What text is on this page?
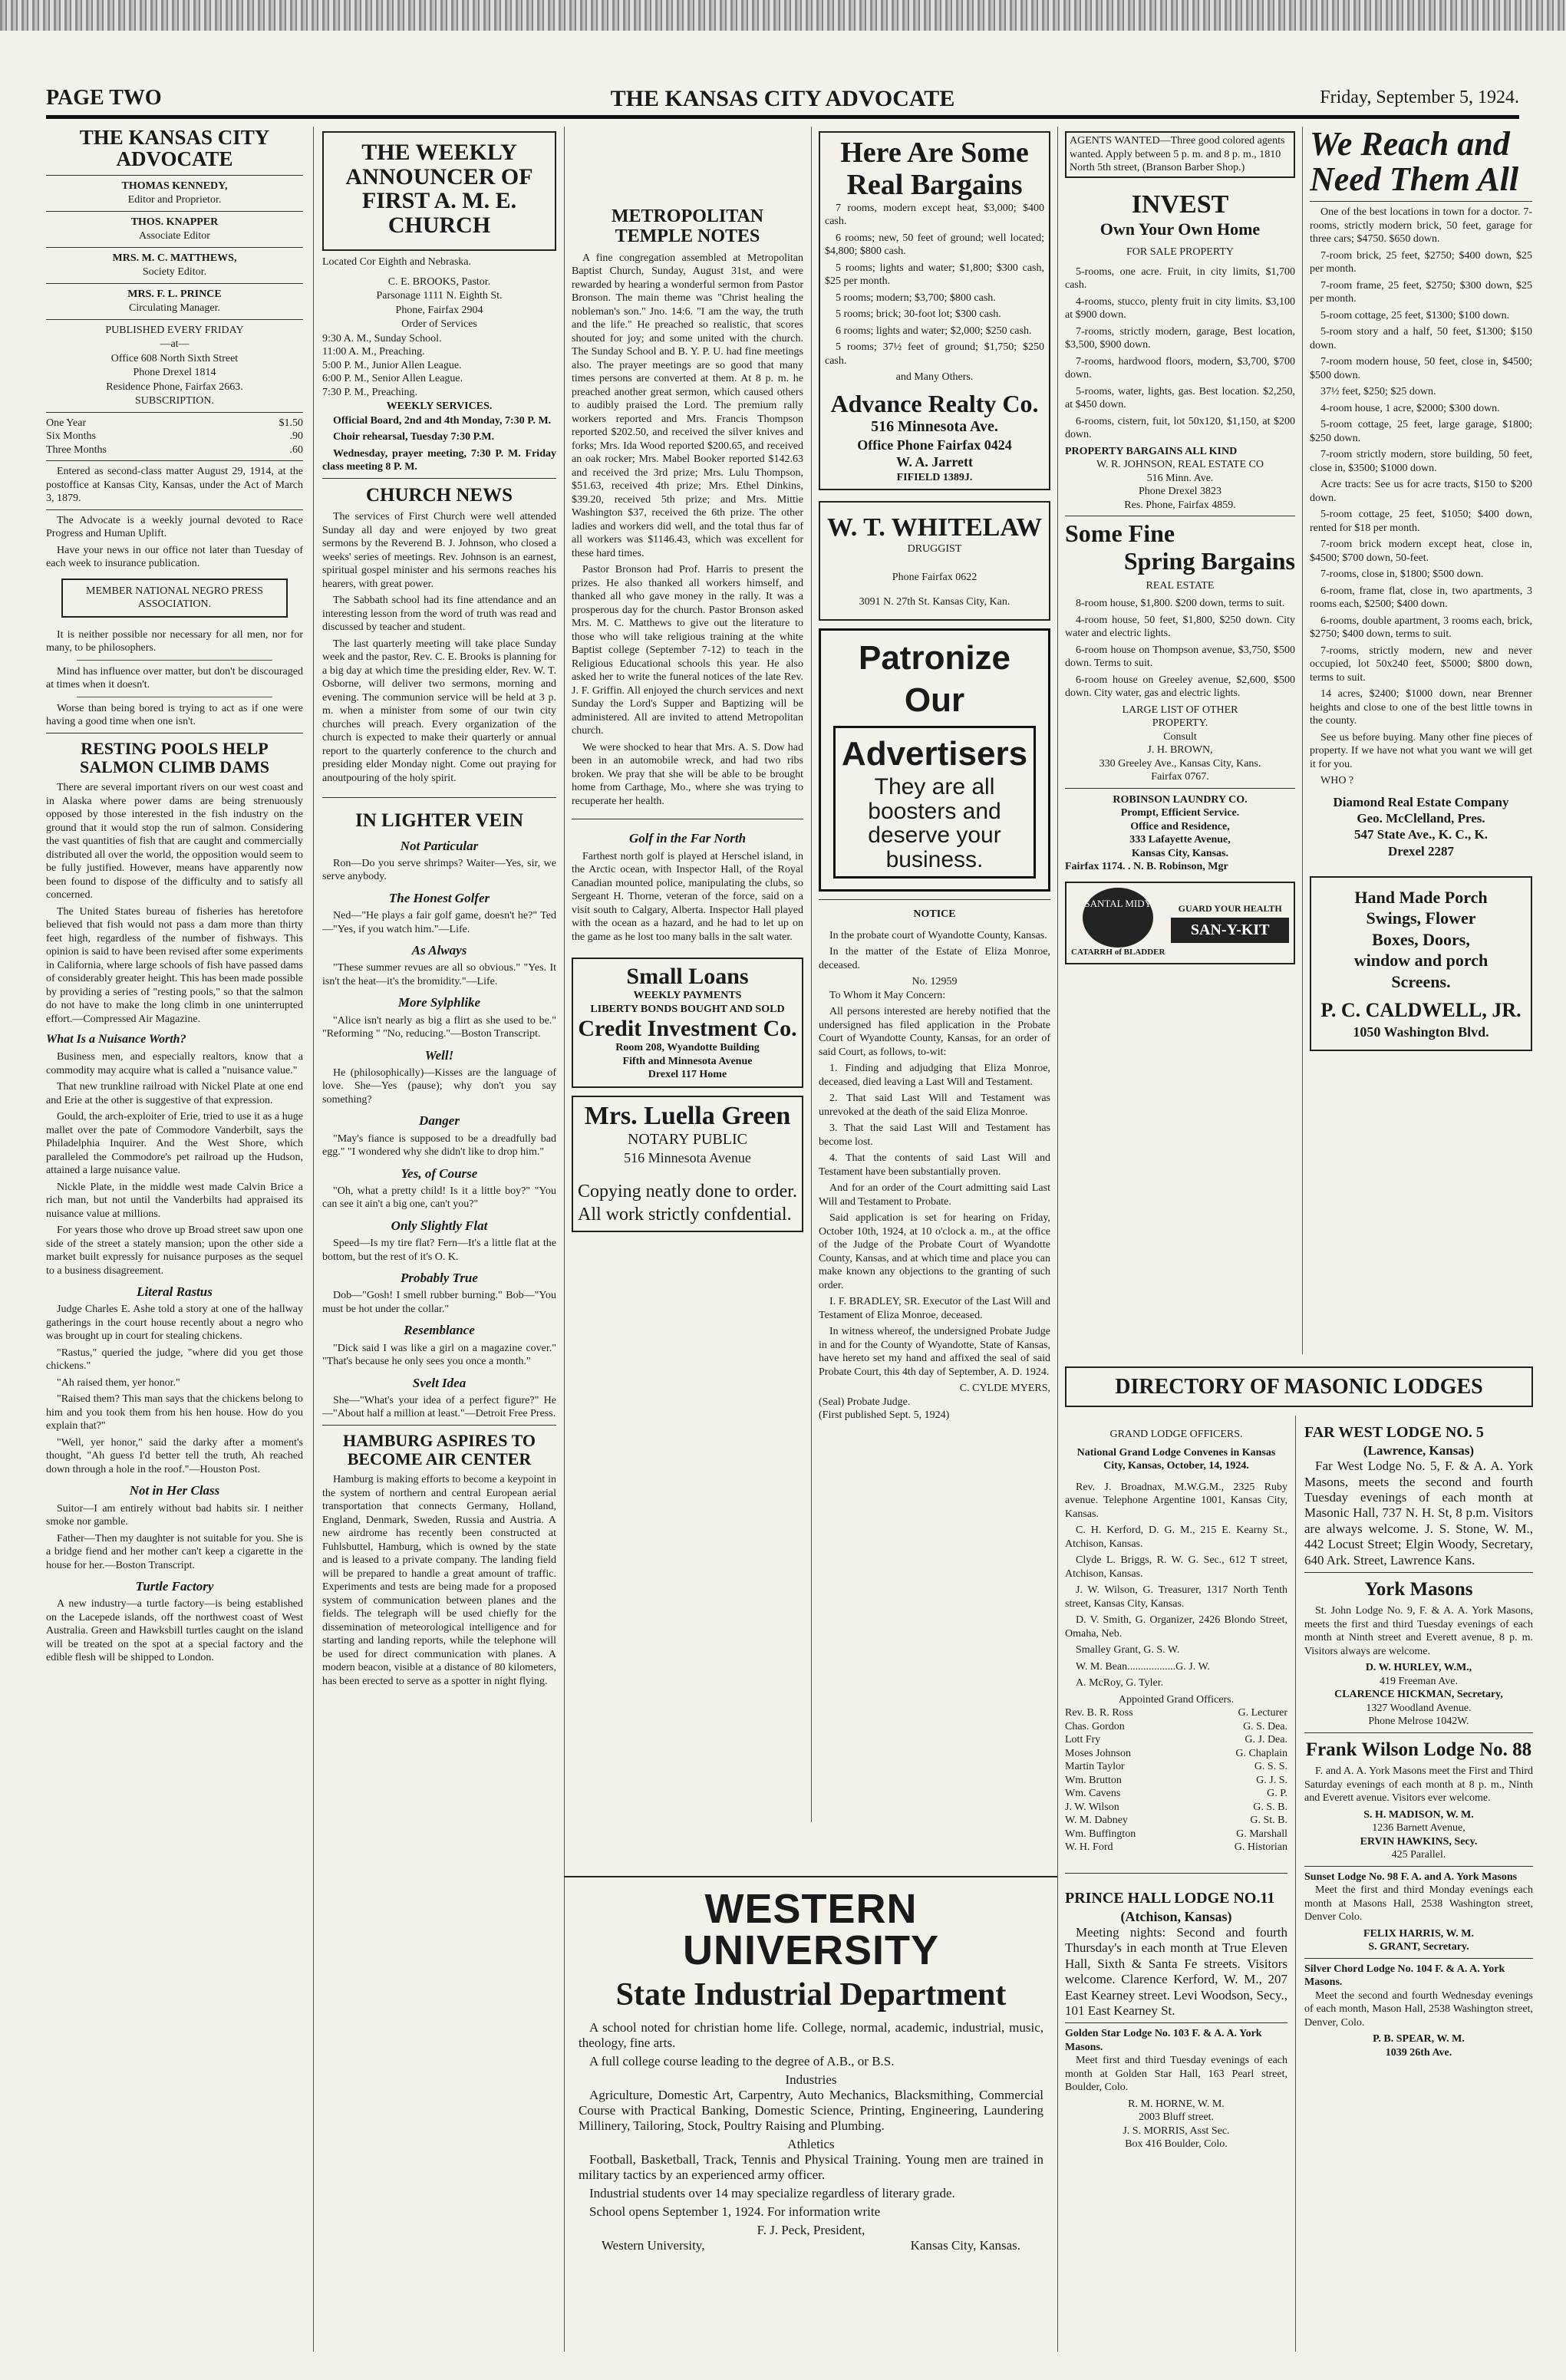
PAGE TWO	THE KANSAS CITY ADVOCATE	Friday, September 5, 1924.
THE KANSAS CITY ADVOCATE
THOMAS KENNEDY,
Editor and Proprietor.
THOS. KNAPPER
Associate Editor
MRS. M. C. MATTHEWS,
Society Editor.
MRS. F. L. PRINCE
Circulating Manager.
PUBLISHED EVERY FRIDAY
—at—
Office 608 North Sixth Street
Phone Drexel 1814
Residence Phone, Fairfax 2663.
SUBSCRIPTION.
One Year	$1.50
Six Months	.90
Three Months	.60

Entered as second-class matter August 29, 1914, at the postoffice at Kansas City, Kansas, under the Act of March 3, 1879.

The Advocate is a weekly journal devoted to Race Progress and Human Uplift.

Have your news in our office not later than Tuesday of each week to insurance publication.

MEMBER NATIONAL NEGRO PRESS ASSOCIATION.

It is neither possible nor necessary for all men, nor for many, to be philosophers.

Mind has influence over matter, but don't be discouraged at times when it doesn't.

Worse than being bored is trying to act as if one were having a good time when one isn't.

RESTING POOLS HELP SALMON CLIMB DAMS

There are several important rivers on our west coast and in Alaska where power dams are being strenuously opposed by those interested in the fish industry on the ground that it would stop the run of salmon. Considering the vast quantities of fish that are caught and commercially distributed all over the world, the opposition would seem to be fully justified. However, means have apparently now been found to dispose of the difficulty and to satisfy all concerned.

The United States bureau of fisheries has heretofore believed that fish would not pass a dam more than thirty feet high, regardless of the number of fishways. This opinion is said to have been revised after some experiments in California, where large schools of fish have passed dams of considerably greater height. This has been made possible by providing a series of "resting pools," so that the salmon do not have to make the long climb in one uninterrupted effort.—Compressed Air Magazine.

What Is a Nuisance Worth?

Business men, and especially realtors, know that a commodity may acquire what is called a "nuisance value."

That new trunkline railroad with Nickel Plate at one end and Erie at the other is suggestive of that expression.

Gould, the arch-exploiter of Erie, tried to use it as a huge mallet over the pate of Commodore Vanderbilt, says the Philadelphia Inquirer. And the West Shore, which paralleled the Commodore's pet railroad up the Hudson, attained a large nuisance value.

Nickle Plate, in the middle west made Calvin Brice a rich man, but not until the Vanderbilts had appraised its nuisance value at millions.

For years those who drove up Broad street saw upon one side of the street a stately mansion; upon the other side a market built expressly for nuisance purposes as the sequel to a business disagreement.

Literal Rastus

Judge Charles E. Ashe told a story at one of the hallway gatherings in the court house recently about a negro who was brought up in court for stealing chickens.

"Rastus," queried the judge, "where did you get those chickens."

"Ah raised them, yer honor."

"Raised them? This man says that the chickens belong to him and you took them from his hen house. How do you explain that?"

"Well, yer honor," said the darky after a moment's thought, "Ah guess I'd better tell the truth, Ah reached down through a hole in the roof."—Houston Post.

Not in Her Class

Suitor—I am entirely without bad habits sir. I neither smoke nor gamble.

Father—Then my daughter is not suitable for you. She is a bridge fiend and her mother can't keep a cigarette in the house for her.—Boston Transcript.

Turtle Factory

A new industry—a turtle factory—is being established on the Lacepede islands, off the northwest coast of West Australia. Green and Hawksbill turtles caught on the island will be treated on the spot at a special factory and the edible flesh will be shipped to London.

THE WEEKLY ANNOUNCER OF FIRST A. M. E. CHURCH
Located Cor Eighth and Nebraska.
C. E. BROOKS, Pastor.
Parsonage 1111 N. Eighth St.
Phone, Fairfax 2904
Order of Services
9:30 A. M., Sunday School.
11:00 A. M., Preaching.
5:00 P. M., Junior Allen League.
6:00 P. M., Senior Allen League.
7:30 P. M., Preaching.
WEEKLY SERVICES.

Official Board, 2nd and 4th Monday, 7:30 P. M.

Choir rehearsal, Tuesday 7:30 P.M.

Wednesday, prayer meeting, 7:30 P. M. Friday class meeting 8 P. M.

CHURCH NEWS

The services of First Church were well attended Sunday all day and were enjoyed by two great sermons by the Reverend B. J. Johnson, who closed a weeks' series of meetings. Rev. Johnson is an earnest, spiritual gospel minister and his sermons reaches his hearers, with great power.

The Sabbath school had its fine attendance and an interesting lesson from the word of truth was read and discussed by teacher and student.

The last quarterly meeting will take place Sunday week and the pastor, Rev. C. E. Brooks is planning for a big day at which time the presiding elder, Rev. W. T. Osborne, will deliver two sermons, morning and evening. The communion service will be held at 3 p. m. when a minister from some of our twin city churches will preach. Every organization of the church is expected to make their quarterly or annual report to the quarterly conference to the church and presiding elder Monday night. Come out praying for anoutpouring of the holy spirit.

IN LIGHTER VEIN
Not Particular

Ron—Do you serve shrimps? Waiter—Yes, sir, we serve anybody.

The Honest Golfer

Ned—"He plays a fair golf game, doesn't he?" Ted—"Yes, if you watch him."—Life.

As Always

"These summer revues are all so obvious." "Yes. It isn't the heat—it's the bromidity."—Life.

More Sylphlike

"Alice isn't nearly as big a flirt as she used to be." "Reforming " "No, reducing."—Boston Transcript.

Well!

He (philosophically)—Kisses are the language of love. She—Yes (pause); why don't you say something?

Danger

"May's fiance is supposed to be a dreadfully bad egg." "I wondered why she didn't like to drop him."

Yes, of Course

"Oh, what a pretty child! Is it a little boy?" "You can see it ain't a big one, can't you?"

Only Slightly Flat

Speed—Is my tire flat? Fern—It's a little flat at the bottom, but the rest of it's O. K.

Probably True

Dob—"Gosh! I smell rubber burning." Bob—"You must be hot under the collar."

Resemblance

"Dick said I was like a girl on a magazine cover." "That's because he only sees you once a month."

Svelt Idea

She—"What's your idea of a perfect figure?" He—"About half a million at least."—Detroit Free Press.

HAMBURG ASPIRES TO BECOME AIR CENTER

Hamburg is making efforts to become a keypoint in the system of northern and central European aerial transportation that connects Germany, Holland, England, Denmark, Sweden, Russia and Austria. A new airdrome has recently been constructed at Fuhlsbuttel, Hamburg, which is owned by the state and is leased to a private company. The landing field will be prepared to handle a great amount of traffic. Experiments and tests are being made for a proposed system of communication between planes and the fields. The telegraph will be used chiefly for the dissemination of meteorological intelligence and for starting and landing reports, while the telephone will be used for direct communication with planes. A modern beacon, visible at a distance of 80 kilometers, has been erected to serve as a spotter in night flying.

METROPOLITAN TEMPLE NOTES

A fine congregation assembled at Metropolitan Baptist Church, Sunday, August 31st, and were rewarded by hearing a wonderful sermon from Pastor Bronson. The main theme was "Christ healing the nobleman's son." Jno. 14:6. "I am the way, the truth and the life." He preached so realistic, that scores shouted for joy; and some united with the church. The Sunday School and B. Y. P. U. had fine meetings also. The prayer meetings are so good that many times persons are converted at them. At 8 p. m. he preached another great sermon, which caused others to audibly praised the Lord. The premium rally workers reported and Mrs. Francis Thompson reported $202.50, and received the silver knives and forks; Mrs. Ida Wood reported $200.65, and received an oak rocker; Mrs. Mabel Booker reported $142.63 and received the 3rd prize; Mrs. Lulu Thompson, $51.63, received 4th prize; Mrs. Ethel Dinkins, $39.20, received 5th prize; and Mrs. Mittie Washington $37, received the 6th prize. The other ladies and workers did well, and the total thus far of all workers was $1146.43, which was excellent for these hard times.

Pastor Bronson had Prof. Harris to present the prizes. He also thanked all workers himself, and thanked all who gave money in the rally. It was a prosperous day for the church. Pastor Bronson asked Mrs. M. C. Matthews to give out the literature to those who will take religious training at the white Baptist college (September 7-12) to teach in the Religious Educational schools this year. He also asked her to write the funeral notices of the late Rev. J. F. Griffin. All enjoyed the church services and next Sunday the Lord's Supper and Baptizing will be administered. All are invited to attend Metropolitan church.

We were shocked to hear that Mrs. A. S. Dow had been in an automobile wreck, and had two ribs broken. We pray that she will be able to be brought home from Carthage, Mo., where she was trying to recuperate her health.

Golf in the Far North

Farthest north golf is played at Herschel island, in the Arctic ocean, with Inspector Hall, of the Royal Canadian mounted police, manipulating the clubs, so Sergeant H. Thorne, veteran of the force, said on a visit south to Calgary, Alberta. Inspector Hall played with the ocean as a hazard, and he had to let up on the game as he lost too many balls in the salt water.

Small Loans
WEEKLY PAYMENTS
LIBERTY BONDS BOUGHT AND SOLD
Credit Investment Co.
Room 208, Wyandotte Building
Fifth and Minnesota Avenue
Drexel 117 Home
Mrs. Luella Green
NOTARY PUBLIC
516 Minnesota Avenue
Copying neatly done to order. All work strictly confdential.
Here Are Some Real Bargains

7 rooms, modern except heat, $3,000; $400 cash.

6 rooms; new, 50 feet of ground; well located; $4,800; $800 cash.

5 rooms; lights and water; $1,800; $300 cash, $25 per month.

5 rooms; modern; $3,700; $800 cash.

5 rooms; brick; 30-foot lot; $300 cash.

6 rooms; lights and water; $2,000; $250 cash.

5 rooms; 37½ feet of ground; $1,750; $250 cash.

and Many Others.
Advance Realty Co.
516 Minnesota Ave.
Office Phone Fairfax 0424
W. A. Jarrett
FIFIELD 1389J.
W. T. WHITELAW
DRUGGIST
Phone Fairfax 0622
3091 N. 27th St. Kansas City, Kan.
Patronize Our
Advertisers
They are all boosters and deserve your business.
NOTICE

In the probate court of Wyandotte County, Kansas.

In the matter of the Estate of Eliza Monroe, deceased.

No. 12959

To Whom it May Concern:

All persons interested are hereby notified that the undersigned has filed application in the Probate Court of Wyandotte County, Kansas, for an order of said Court, as follows, to-wit:

1. Finding and adjudging that Eliza Monroe, deceased, died leaving a Last Will and Testament.

2. That said Last Will and Testament was unrevoked at the death of the said Eliza Monroe.

3. That the said Last Will and Testament has become lost.

4. That the contents of said Last Will and Testament have been substantially proven.

And for an order of the Court admitting said Last Will and Testament to Probate.

Said application is set for hearing on Friday, October 10th, 1924, at 10 o'clock a. m., at the office of the Judge of the Probate Court of Wyandotte County, Kansas, and at which time and place you can make known any objections to the granting of such order.

I. F. BRADLEY, SR. Executor of the Last Will and Testament of Eliza Monroe, deceased.

In witness whereof, the undersigned Probate Judge in and for the County of Wyandotte, State of Kansas, have hereto set my hand and affixed the seal of said Probate Court, this 4th day of September, A. D. 1924.

C. CYLDE MYERS,
(Seal) Probate Judge.
(First published Sept. 5, 1924)
AGENTS WANTED—Three good colored agents wanted. Apply between 5 p. m. and 8 p. m., 1810 North 5th street, (Branson Barber Shop.)
INVEST
Own Your Own Home
FOR SALE PROPERTY

5-rooms, one acre. Fruit, in city limits, $1,700 cash.

4-rooms, stucco, plenty fruit in city limits. $3,100 at $900 down.

7-rooms, strictly modern, garage, Best location, $3,500, $900 down.

7-rooms, hardwood floors, modern, $3,700, $700 down.

5-rooms, water, lights, gas. Best location. $2,250, at $450 down.

6-rooms, cistern, fuit, lot 50x120, $1,150, at $200 down.

PROPERTY BARGAINS ALL KIND
W. R. JOHNSON, REAL ESTATE CO
516 Minn. Ave.
Phone Drexel 3823
Res. Phone, Fairfax 4859.
Some Fine
Spring Bargains
REAL ESTATE

8-room house, $1,800. $200 down, terms to suit.

4-room house, 50 feet, $1,800, $250 down. City water and electric lights.

6-room house on Thompson avenue, $3,750, $500 down. Terms to suit.

6-room house on Greeley avenue, $2,600, $500 down. City water, gas and electric lights.

LARGE LIST OF OTHER
PROPERTY.
Consult
J. H. BROWN,
330 Greeley Ave., Kansas City, Kans.
Fairfax 0767.
ROBINSON LAUNDRY CO.
Prompt, Efficient Service.
Office and Residence,
333 Lafayette Avenue,
Kansas City, Kansas.
Fairfax 1174. . N. B. Robinson, Mgr
SANTAL MIDY
CATARRH of BLADDER
GUARD YOUR HEALTH
SAN-Y-KIT
We Reach and Need Them All

One of the best locations in town for a doctor. 7-rooms, strictly modern brick, 50 feet, garage for three cars; $4750. $650 down.

7-room brick, 25 feet, $2750; $400 down, $25 per month.

7-room frame, 25 feet, $2750; $300 down, $25 per month.

5-room cottage, 25 feet, $1300; $100 down.

5-room story and a half, 50 feet, $1300; $150 down.

7-room modern house, 50 feet, close in, $4500; $500 down.

37½ feet, $250; $25 down.

4-room house, 1 acre, $2000; $300 down.

5-room cottage, 25 feet, large garage, $1800; $250 down.

7-room strictly modern, store building, 50 feet, close in, $3500; $1000 down.

Acre tracts: See us for acre tracts, $150 to $200 down.

5-room cottage, 25 feet, $1050; $400 down, rented for $18 per month.

7-room brick modern except heat, close in, $4500; $700 down, 50-feet.

7-rooms, close in, $1800; $500 down.

6-room, frame flat, close in, two apartments, 3 rooms each, $2500; $400 down.

6-rooms, double apartment, 3 rooms each, brick, $2750; $400 down, terms to suit.

7-rooms, strictly modern, new and never occupied, lot 50x240 feet, $5000; $800 down, terms to suit.

14 acres, $2400; $1000 down, near Brenner heights and close to one of the best little towns in the county.

See us before buying. Many other fine pieces of property. If we have not what you want we will get it for you.

WHO ?

Diamond Real Estate Company
Geo. McClelland, Pres.
547 State Ave., K. C., K.
Drexel 2287
Hand Made Porch
Swings, Flower
Boxes, Doors,
window and porch
Screens.
P. C. CALDWELL, JR.
1050 Washington Blvd.
DIRECTORY OF MASONIC LODGES
GRAND LODGE OFFICERS.
National Grand Lodge Convenes in Kansas City, Kansas, October, 14, 1924.

Rev. J. Broadnax, M.W.G.M., 2325 Ruby avenue. Telephone Argentine 1001, Kansas City, Kansas.

C. H. Kerford, D. G. M., 215 E. Kearny St., Atchison, Kansas.

Clyde L. Briggs, R. W. G. Sec., 612 T street, Atchison, Kansas.

J. W. Wilson, G. Treasurer, 1317 North Tenth street, Kansas City, Kansas.

D. V. Smith, G. Organizer, 2426 Blondo Street, Omaha, Neb.

Smalley Grant, G. S. W.

W. M. Bean..................G. J. W.

A. McRoy, G. Tyler.

Appointed Grand Officers.
Rev. B. R. Ross	G. Lecturer
Chas. Gordon	G. S. Dea.
Lott Fry	G. J. Dea.
Moses Johnson	G. Chaplain
Martin Taylor	G. S. S.
Wm. Brutton	G. J. S.
Wm. Cavens	G. P.
J. W. Wilson	G. S. B.
W. M. Dabney	G. St. B.
Wm. Buffington	G. Marshall
W. H. Ford	G. Historian
PRINCE HALL LODGE NO.11
(Atchison, Kansas)

Meeting nights: Second and fourth Thursday's in each month at True Eleven Hall, Sixth & Santa Fe streets. Visitors welcome. Clarence Kerford, W. M., 207 East Kearney street. Levi Woodson, Secy., 101 East Kearney St.

Golden Star Lodge No. 103 F. & A. A. York Masons.

Meet first and third Tuesday evenings of each month at Golden Star Hall, 163 Pearl street, Boulder, Colo.

R. M. HORNE, W. M.
2003 Bluff street.
J. S. MORRIS, Asst Sec.
Box 416 Boulder, Colo.
FAR WEST LODGE NO. 5
(Lawrence, Kansas)

Far West Lodge No. 5, F. & A. A. York Masons, meets the second and fourth Tuesday evenings of each month at Masonic Hall, 737 N. H. St, 8 p.m. Visitors are always welcome. J. S. Stone, W. M., 442 Locust Street; Elgin Woody, Secretary, 640 Ark. Street, Lawrence Kans.

York Masons

St. John Lodge No. 9, F. & A. A. York Masons, meets the first and third Tuesday evenings of each month at Ninth street and Everett avenue, 8 p. m. Visitors always are welcome.

D. W. HURLEY, W.M.,
419 Freeman Ave.
CLARENCE HICKMAN, Secretary,
1327 Woodland Avenue.
Phone Melrose 1042W.
Frank Wilson Lodge No. 88

F. and A. A. York Masons meet the First and Third Saturday evenings of each month at 8 p. m., Ninth and Everett avenue. Visitors ever welcome.

S. H. MADISON, W. M.
1236 Barnett Avenue,
ERVIN HAWKINS, Secy.
425 Parallel.
Sunset Lodge No. 98 F. A. and A. York Masons

Meet the first and third Monday evenings each month at Masons Hall, 2538 Washington street, Denver Colo.

FELIX HARRIS, W. M.
S. GRANT, Secretary.
Silver Chord Lodge No. 104 F. & A. A. York Masons.

Meet the second and fourth Wednesday evenings of each month, Mason Hall, 2538 Washington street, Denver, Colo.

P. B. SPEAR, W. M.
1039 26th Ave.
WESTERN UNIVERSITY
State Industrial Department

A school noted for christian home life. College, normal, academic, industrial, music, theology, fine arts.

A full college course leading to the degree of A.B., or B.S.

Industries

Agriculture, Domestic Art, Carpentry, Auto Mechanics, Blacksmithing, Commercial Course with Practical Banking, Domestic Science, Printing, Engineering, Laundering Millinery, Tailoring, Stock, Poultry Raising and Plumbing.

Athletics

Football, Basketball, Track, Tennis and Physical Training. Young men are trained in military tactics by an experienced army officer.

Industrial students over 14 may specialize regardless of literary grade.

School opens September 1, 1924. For information write

F. J. Peck, President,
Western University,	Kansas City, Kansas.
